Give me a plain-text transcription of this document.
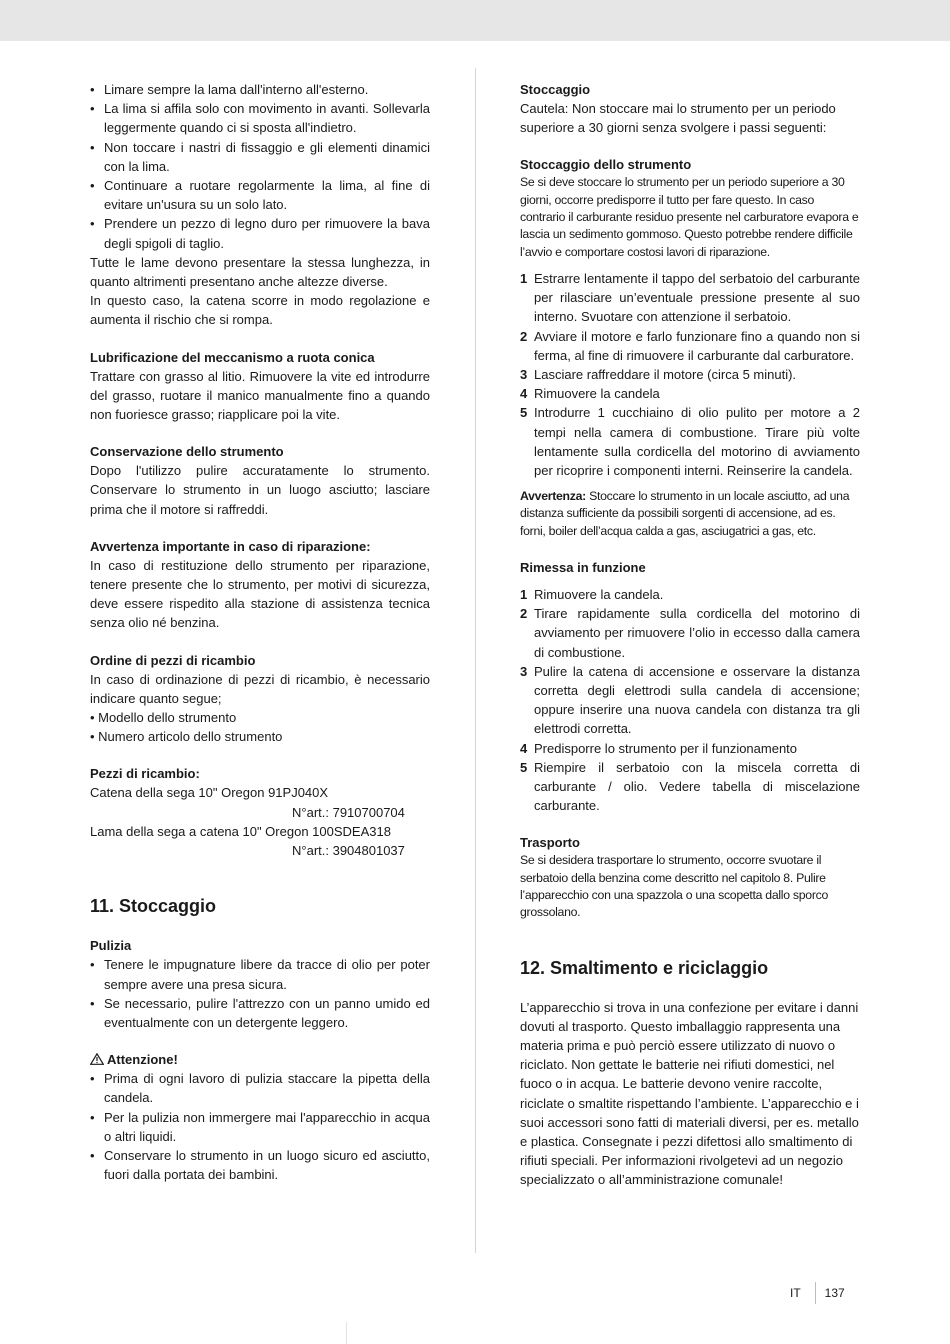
• Limare sempre la lama dall'interno all'esterno.
• La lima si affila solo con movimento in avanti. Sollevarla leggermente quando ci si sposta all'indietro.
• Non toccare i nastri di fissaggio e gli elementi dinamici con la lima.
• Continuare a ruotare regolarmente la lima, al fine di evitare un'usura su un solo lato.
• Prendere un pezzo di legno duro per rimuovere la bava degli spigoli di taglio.

Tutte le lame devono presentare la stessa lunghezza, in quanto altrimenti presentano anche altezze diverse.

In questo caso, la catena scorre in modo regolazione e aumenta il rischio che si rompa.

Lubrificazione del meccanismo a ruota conica

Trattare con grasso al litio. Rimuovere la vite ed introdurre del grasso, ruotare il manico manualmente fino a quando non fuoriesce grasso; riapplicare poi la vite.

Conservazione dello strumento

Dopo l'utilizzo pulire accuratamente lo strumento. Conservare lo strumento in un luogo asciutto; lasciare prima che il motore si raffreddi.

Avvertenza importante in caso di riparazione:

In caso di restituzione dello strumento per riparazione, tenere presente che lo strumento, per motivi di sicurezza, deve essere rispedito alla stazione di assistenza tecnica senza olio né benzina.

Ordine di pezzi di ricambio

In caso di ordinazione di pezzi di ricambio, è necessario indicare quanto segue;

• Modello dello strumento

• Numero articolo dello strumento

Pezzi di ricambio:

Catena della sega 10" Oregon 91PJ040X

N°art.: 7910700704

Lama della sega a catena 10" Oregon 100SDEA318

N°art.: 3904801037

11. Stoccaggio

Pulizia

• Tenere le impugnature libere da tracce di olio per poter sempre avere una presa sicura.
• Se necessario, pulire l'attrezzo con un panno umido ed eventualmente con un detergente leggero.

Attenzione!

• Prima di ogni lavoro di pulizia staccare la pipetta della candela.
• Per la pulizia non immergere mai l'apparecchio in acqua o altri liquidi.
• Conservare lo strumento in un luogo sicuro ed asciutto, fuori dalla portata dei bambini.

Stoccaggio

Cautela: Non stoccare mai lo strumento per un periodo superiore a 30 giorni senza svolgere i passi seguenti:

Stoccaggio dello strumento

Se si deve stoccare lo strumento per un periodo superiore a 30 giorni, occorre predisporre il tutto per fare questo. In caso contrario il carburante residuo presente nel carburatore evapora e lascia un sedimento gommoso. Questo potrebbe rendere difficile l’avvio e comportare costosi lavori di riparazione.

1 Estrarre lentamente il tappo del serbatoio del carburante per rilasciare un’eventuale pressione presente al suo interno. Svuotare con attenzione il serbatoio.
2 Avviare il motore e farlo funzionare fino a quando non si ferma, al fine di rimuovere il carburante dal carburatore.
3 Lasciare raffreddare il motore (circa 5 minuti).
4 Rimuovere la candela
5 Introdurre 1 cucchiaino di olio pulito per motore a 2 tempi nella camera di combustione. Tirare più volte lentamente sulla cordicella del motorino di avviamento per ricoprire i componenti interni. Reinserire la candela.

Avvertenza: Stoccare lo strumento in un locale asciutto, ad una distanza sufficiente da possibili sorgenti di accensione, ad es. forni, boiler dell’acqua calda a gas, asciugatrici a gas, etc.

Rimessa in funzione

1 Rimuovere la candela.
2 Tirare rapidamente sulla cordicella del motorino di avviamento per rimuovere l’olio in eccesso dalla camera di combustione.
3 Pulire la catena di accensione e osservare la distanza corretta degli elettrodi sulla candela di accensione; oppure inserire una nuova candela con distanza tra gli elettrodi corretta.
4 Predisporre lo strumento per il funzionamento
5 Riempire il serbatoio con la miscela corretta di carburante / olio. Vedere tabella di miscelazione carburante.

Trasporto

Se si desidera trasportare lo strumento, occorre svuotare il serbatoio della benzina come descritto nel capitolo 8. Pulire l’apparecchio con una spazzola o una scopetta dallo sporco grossolano.

12. Smaltimento e riciclaggio

L’apparecchio si trova in una confezione per evitare i danni dovuti al trasporto. Questo imballaggio rappresenta una materia prima e può perciò essere utilizzato di nuovo o riciclato. Non gettate le batterie nei rifiuti domestici, nel fuoco o in acqua. Le batterie devono venire raccolte, riciclate o smaltite rispettando l’ambiente. L’apparecchio e i suoi accessori sono fatti di materiali diversi, per es. metallo e plastica. Consegnate i pezzi difettosi allo smaltimento di rifiuti speciali. Per informazioni rivolgetevi ad un negozio specializzato o all’amministrazione comunale!

IT 137
